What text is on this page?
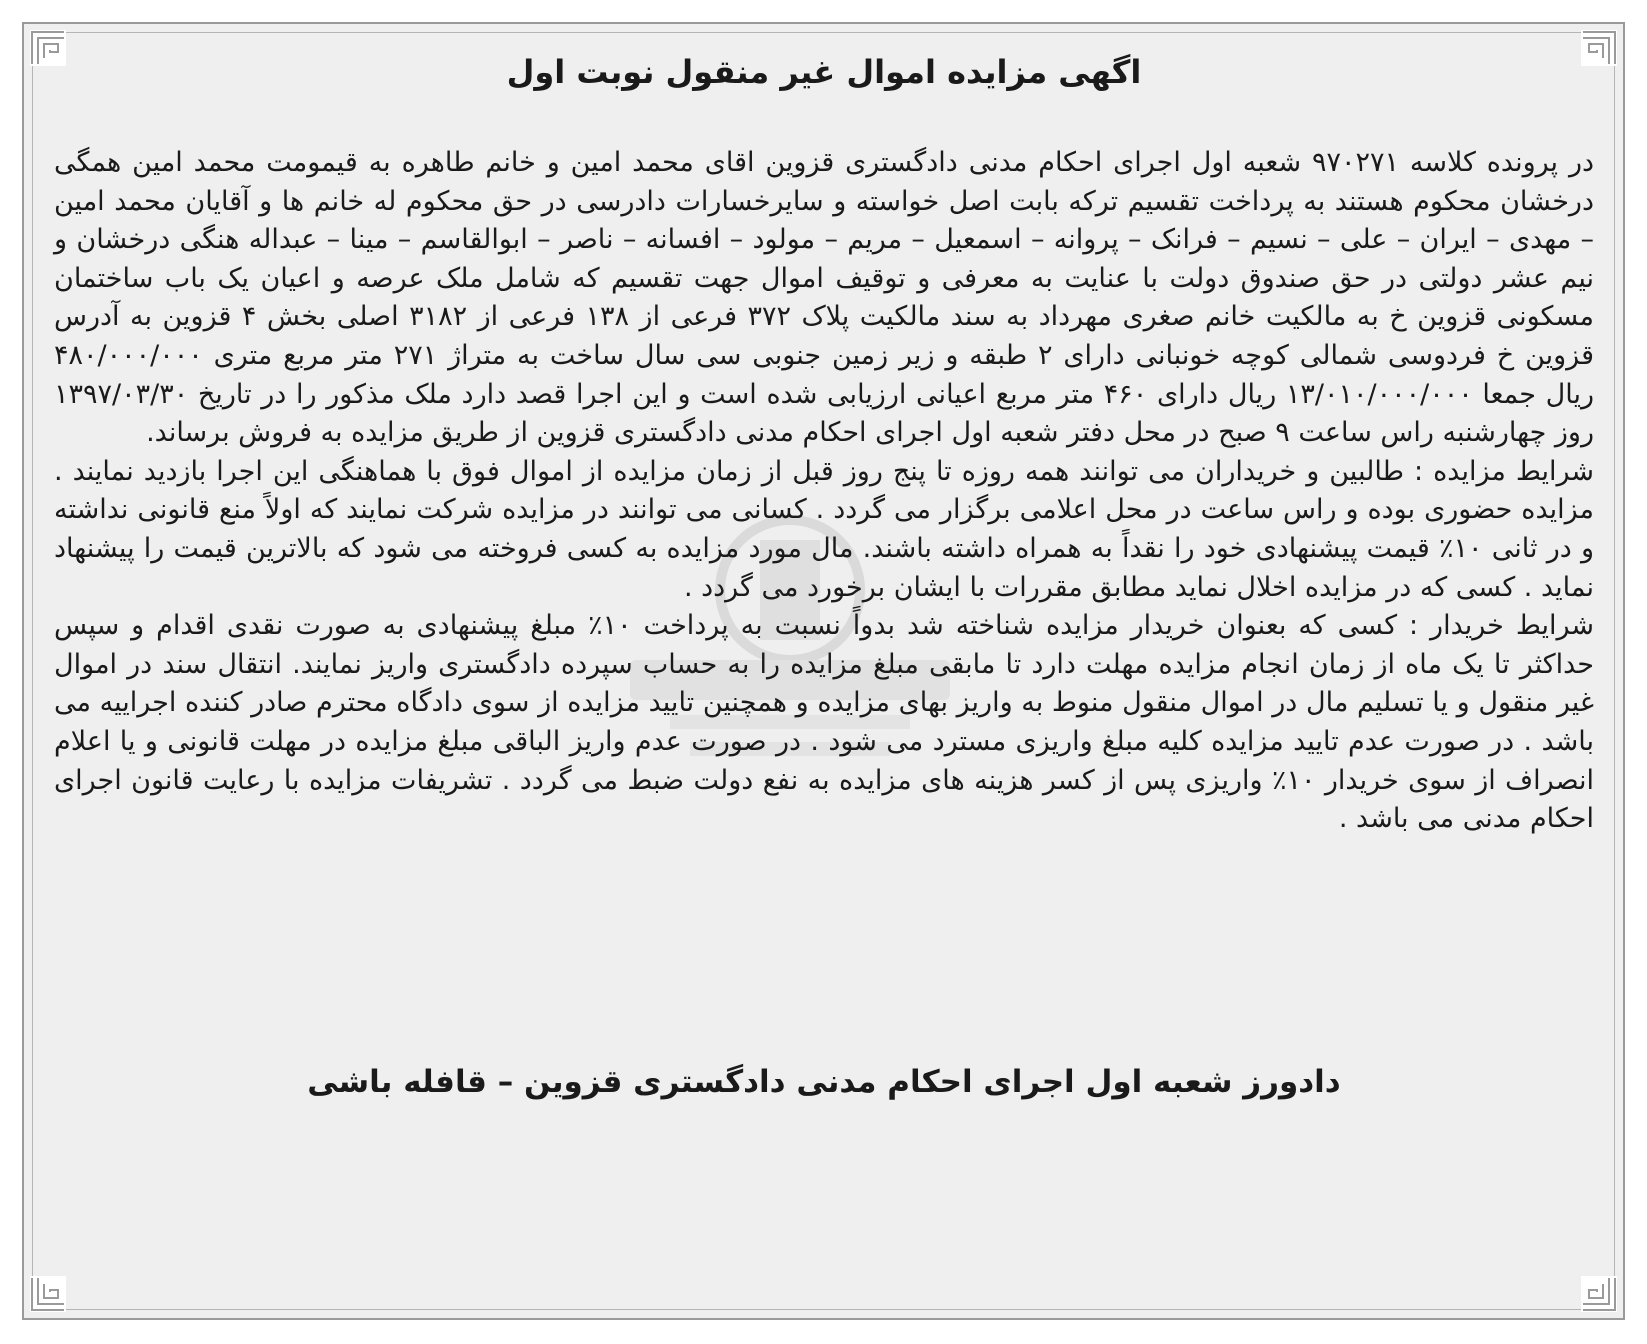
اگهی مزایده اموال غیر منقول نوبت اول

در پرونده کلاسه ۹۷۰۲۷۱ شعبه اول اجرای احکام مدنی دادگستری قزوین اقای محمد امین و خانم طاهره به قیمومت محمد امین همگی درخشان محکوم هستند به پرداخت تقسیم ترکه بابت اصل خواسته و سایرخسارات دادرسی در حق محکوم له خانم ها و آقایان محمد امین – مهدی – ایران – علی – نسیم – فرانک – پروانه – اسمعیل – مریم – مولود – افسانه – ناصر – ابوالقاسم – مینا – عبداله هنگی درخشان و نیم عشر دولتی در حق صندوق دولت با عنایت به معرفی و توقیف اموال جهت تقسیم که شامل ملک عرصه و اعیان یک باب ساختمان مسکونی قزوین خ به مالکیت خانم صغری مهرداد به سند مالکیت پلاک ۳۷۲ فرعی از ۱۳۸ فرعی از ۳۱۸۲ اصلی بخش ۴ قزوین به آدرس قزوین خ فردوسی شمالی کوچه خونبانی دارای ۲ طبقه و زیر زمین جنوبی سی سال ساخت به متراژ ۲۷۱ متر مربع متری ۴۸۰/۰۰۰/۰۰۰ ریال جمعا ۱۳/۰۱۰/۰۰۰/۰۰۰ ریال دارای ۴۶۰ متر مربع اعیانی ارزیابی شده است و این اجرا قصد دارد ملک مذکور را در تاریخ ۱۳۹۷/۰۳/۳۰ روز چهارشنبه راس ساعت ۹ صبح در محل دفتر شعبه اول اجرای احکام مدنی دادگستری قزوین از طریق مزایده به فروش برساند.

شرایط مزایده : طالبین و خریداران می توانند همه روزه تا پنج روز قبل از زمان مزایده از اموال فوق با هماهنگی این اجرا بازدید نمایند . مزایده حضوری بوده و راس ساعت در محل اعلامی برگزار می گردد . کسانی می توانند در مزایده شرکت نمایند که اولاً منع قانونی نداشته و در ثانی ۱۰٪ قیمت پیشنهادی خود را نقداً به همراه داشته باشند. مال مورد مزایده به کسی فروخته می شود که بالاترین قیمت را پیشنهاد نماید . کسی که در مزایده اخلال نماید مطابق مقررات با ایشان برخورد می گردد .

شرایط خریدار : کسی که بعنوان خریدار مزایده شناخته شد بدواً نسبت به پرداخت ۱۰٪ مبلغ پیشنهادی به صورت نقدی اقدام و سپس حداکثر تا یک ماه از زمان انجام مزایده مهلت دارد تا مابقی مبلغ مزایده را به حساب سپرده دادگستری واریز نمایند. انتقال سند در اموال غیر منقول و یا تسلیم مال در اموال منقول منوط به واریز بهای مزایده و همچنین تایید مزایده از سوی دادگاه محترم صادر کننده اجراییه می باشد . در صورت عدم تایید مزایده کلیه مبلغ واریزی مسترد می شود . در صورت عدم واریز الباقی مبلغ مزایده در مهلت قانونی و یا اعلام انصراف از سوی خریدار ۱۰٪ واریزی پس از کسر هزینه های مزایده به نفع دولت ضبط می گردد . تشریفات مزایده با رعایت قانون اجرای احکام مدنی می باشد .

دادورز شعبه اول اجرای احکام مدنی دادگستری قزوین – قافله باشی
